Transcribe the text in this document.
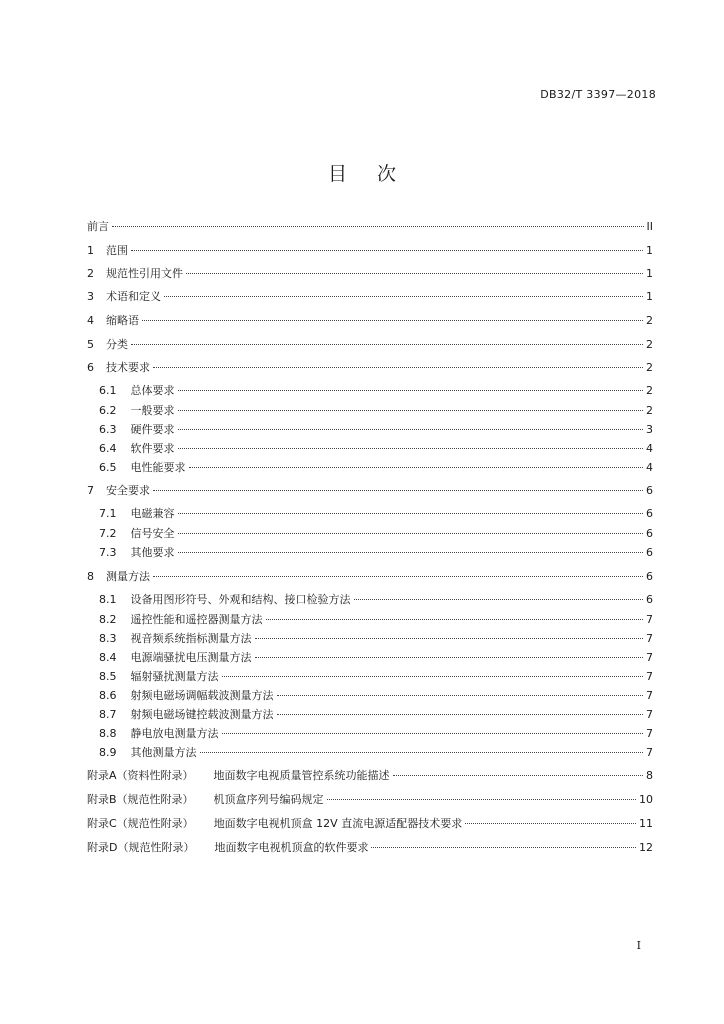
DB32/T 3397—2018
目次
前言	II
1 范围	1
2 规范性引用文件	1
3 术语和定义	1
4 缩略语	2
5 分类	2
6 技术要求	2
6.1 总体要求	2
6.2 一般要求	2
6.3 硬件要求	3
6.4 软件要求	4
6.5 电性能要求	4
7 安全要求	6
7.1 电磁兼容	6
7.2 信号安全	6
7.3 其他要求	6
8 测量方法	6
8.1 设备用图形符号、外观和结构、接口检验方法	6
8.2 遥控性能和遥控器测量方法	7
8.3 视音频系统指标测量方法	7
8.4 电源端骚扰电压测量方法	7
8.5 辐射骚扰测量方法	7
8.6 射频电磁场调幅载波测量方法	7
8.7 射频电磁场键控载波测量方法	7
8.8 静电放电测量方法	7
8.9 其他测量方法	7
附录A（资料性附录） 地面数字电视质量管控系统功能描述	8
附录B（规范性附录） 机顶盒序列号编码规定	10
附录C（规范性附录） 地面数字电视机顶盒 12V 直流电源适配器技术要求	11
附录D（规范性附录） 地面数字电视机顶盒的软件要求	12
I
